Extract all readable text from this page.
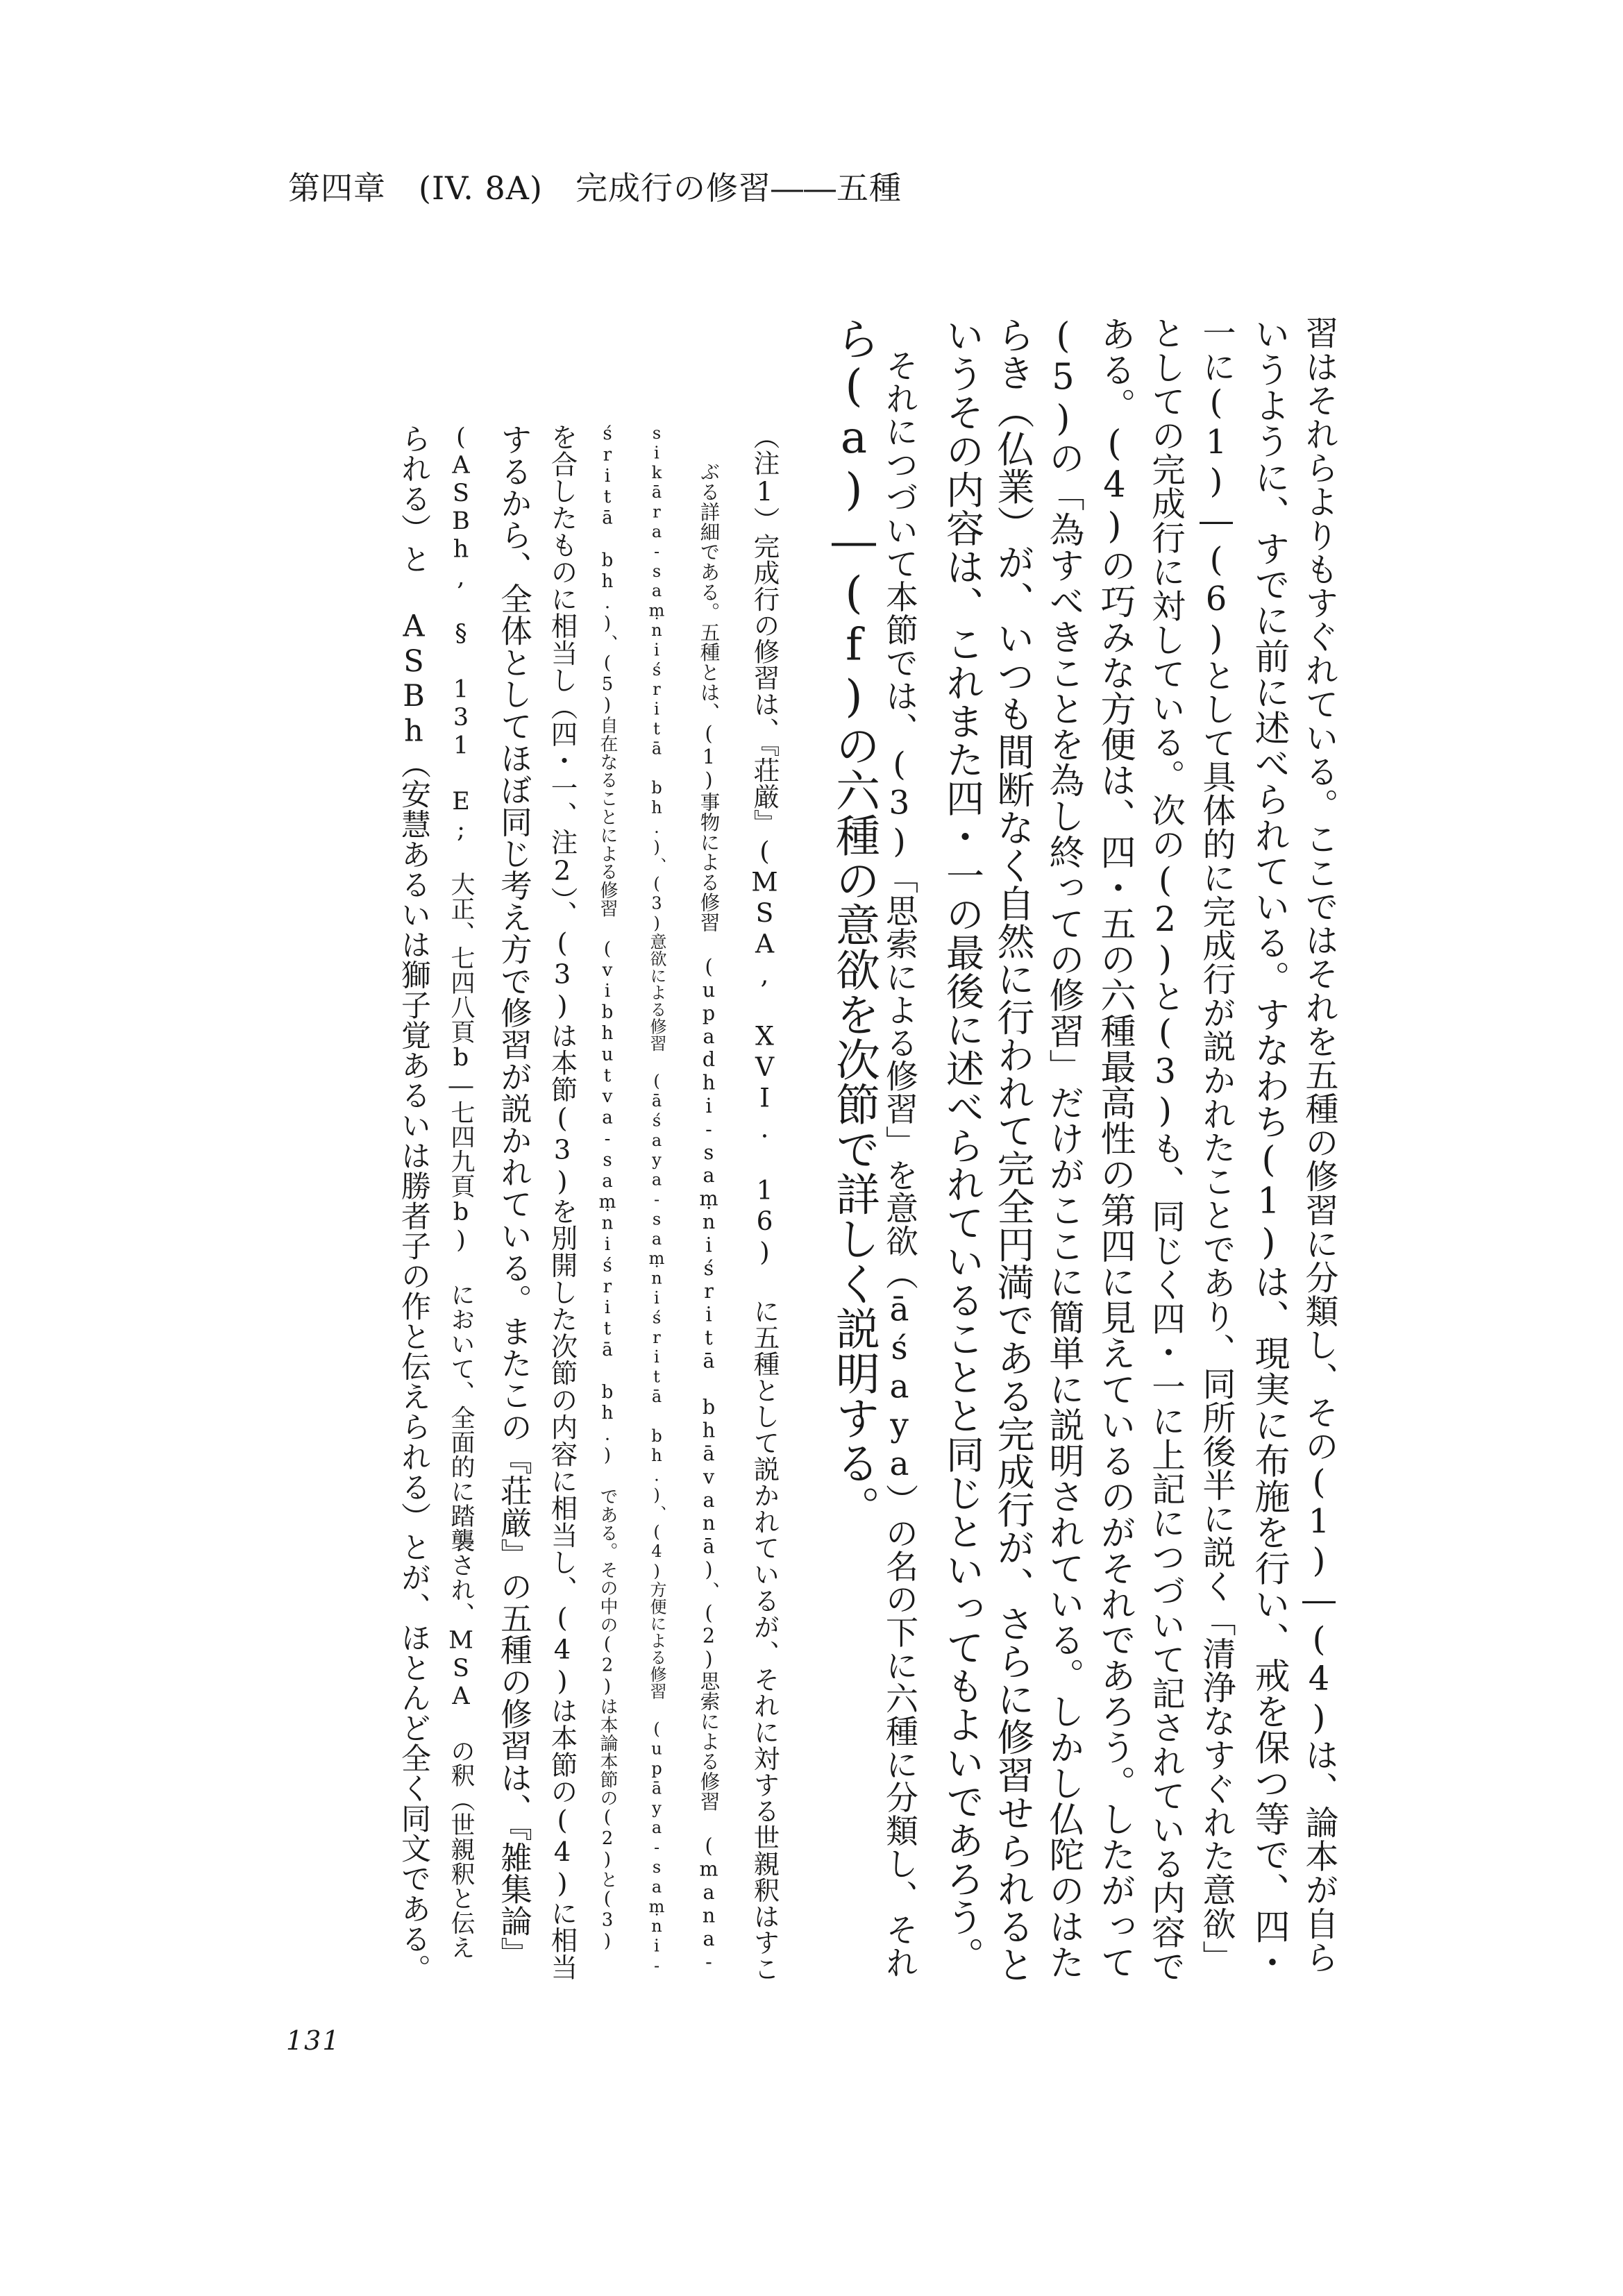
第四章　(IV. 8A)　完成行の修習――五種
習はそれらよりもすぐれている。ここではそれを五種の修習に分類し、その(1)―(4)は、論本が自ら
いうように、すでに前に述べられている。すなわち(1)は、現実に布施を行い、戒を保つ等で、四・
一に(1)―(6)として具体的に完成行が説かれたことであり、同所後半に説く「清浄なすぐれた意欲」
としての完成行に対している。次の(2)と(3)も、同じく四・一に上記につづいて記されている内容で
ある。(4)の巧みな方便は、四・五の六種最高性の第四に見えているのがそれであろう。したがって
(5)の「為すべきことを為し終っての修習」だけがここに簡単に説明されている。しかし仏陀のはた
らき（仏業）が、いつも間断なく自然に行われて完全円満である完成行が、さらに修習せられると
いうその内容は、これまた四・一の最後に述べられていることと同じといってもよいであろう。
　それにつづいて本節では、(3)「思索による修習」を意欲（āśaya）の名の下に六種に分類し、それ
ら(a)―(f)の六種の意欲を次節で詳しく説明する。
（注1）完成行の修習は、『荘厳』(MSA, XVI. 16) に五種として説かれているが、それに対する世親釈はすこ
ぶる詳細である。五種とは、(1)事物による修習 (upadhi-saṃniśritā bhāvanā)、(2)思索による修習 (mana-
sikāra-saṃniśritā bh.)、(3)意欲による修習 (āśaya-saṃniśritā bh.)、(4)方便による修習 (upāya-saṃni-
śritā bh.)、(5)自在なることによる修習 (vibhutva-saṃniśritā bh.) である。その中の(2)は本論本節の(2)と(3)
を合したものに相当し（四・一、注2）、(3)は本節(3)を別開した次節の内容に相当し、(4)は本節の(4)に相当
するから、全体としてほぼ同じ考え方で修習が説かれている。またこの『荘厳』の五種の修習は、『雑集論』
(ASBh, § 131 E; 大正、七四八頁b―七四九頁b) において、全面的に踏襲され、MSA の釈（世親釈と伝え
られる）と ASBh（安慧あるいは獅子覚あるいは勝者子の作と伝えられる）とが、ほとんど全く同文である。
131
